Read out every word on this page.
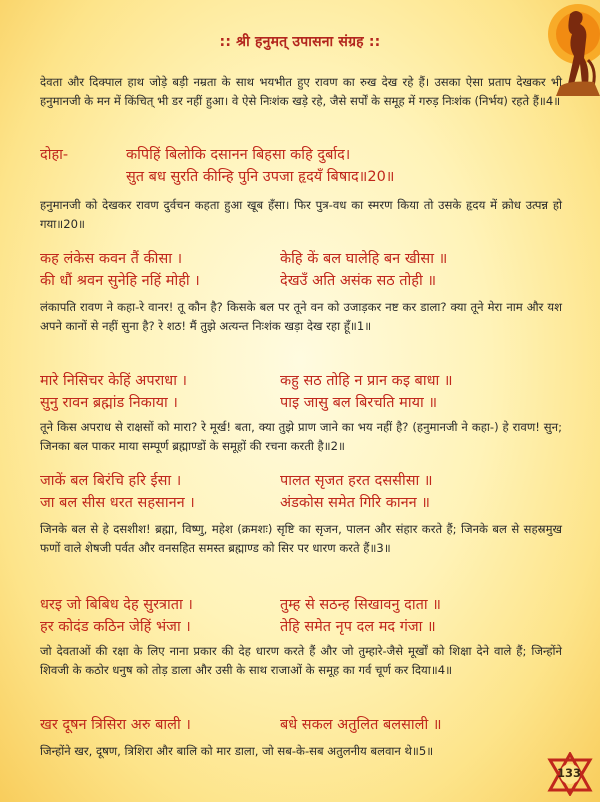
:: श्री हनुमत् उपासना संग्रह ::

देवता और दिक्पाल हाथ जोड़े बड़ी नम्रता के साथ भयभीत हुए रावण का रुख देख रहे हैं। उसका ऐसा प्रताप देखकर भी हनुमानजी के मन में किंचित् भी डर नहीं हुआ। वे ऐसे निःशंक खड़े रहे, जैसे सर्पों के समूह में गरुड़ निःशंक (निर्भय) रहते हैं॥4॥

दोहा-	कपिहिं बिलोकि दसानन बिहसा कहि दुर्बाद।
सुत बध सुरति कीन्हि पुनि उपजा हृदयँ बिषाद॥20॥

हनुमानजी को देखकर रावण दुर्वचन कहता हुआ खूब हँसा। फिर पुत्र-वध का स्मरण किया तो उसके हृदय में क्रोध उत्पन्न हो गया॥20॥

कह लंकेस कवन तैं कीसा ।	केहि कें बल घालेहि बन खीसा ॥
की धौं श्रवन सुनेहि नहिं मोही ।	देखउँ अति असंक सठ तोही ॥

लंकापति रावण ने कहा-रे वानर! तू कौन है? किसके बल पर तूने वन को उजाड़कर नष्ट कर डाला? क्या तूने मेरा नाम और यश अपने कानों से नहीं सुना है? रे शठ! मैं तुझे अत्यन्त निःशंक खड़ा देख रहा हूँ॥1॥

मारे निसिचर केहिं अपराधा ।	कहु सठ तोहि न प्रान कइ बाधा ॥
सुनु रावन ब्रह्मांड निकाया ।	पाइ जासु बल बिरचति माया ॥

तूने किस अपराध से राक्षसों को मारा? रे मूर्ख! बता, क्या तुझे प्राण जाने का भय नहीं है? (हनुमानजी ने कहा-) हे रावण! सुन; जिनका बल पाकर माया सम्पूर्ण ब्रह्माण्डों के समूहों की रचना करती है॥2॥

जाकें बल बिरंचि हरि ईसा ।	पालत सृजत हरत दससीसा ॥
जा बल सीस धरत सहसानन ।	अंडकोस समेत गिरि कानन ॥

जिनके बल से हे दसशीश! ब्रह्मा, विष्णु, महेश (क्रमशः) सृष्टि का सृजन, पालन और संहार करते हैं; जिनके बल से सहस्रमुख फणों वाले शेषजी पर्वत और वनसहित समस्त ब्रह्माण्ड को सिर पर धारण करते हैं॥3॥

धरइ जो बिबिध देह सुरत्राता ।	तुम्ह से सठन्ह सिखावनु दाता ॥
हर कोदंड कठिन जेहिं भंजा ।	तेहि समेत नृप दल मद गंजा ॥

जो देवताओं की रक्षा के लिए नाना प्रकार की देह धारण करते हैं और जो तुम्हारे-जैसे मूर्खों को शिक्षा देने वाले हैं; जिन्होंने शिवजी के कठोर धनुष को तोड़ डाला और उसी के साथ राजाओं के समूह का गर्व चूर्ण कर दिया॥4॥

खर दूषन त्रिसिरा अरु बाली ।	बधे सकल अतुलित बलसाली ॥

जिन्होंने खर, दूषण, त्रिशिरा और बालि को मार डाला, जो सब-के-सब अतुलनीय बलवान थे॥5॥

133
